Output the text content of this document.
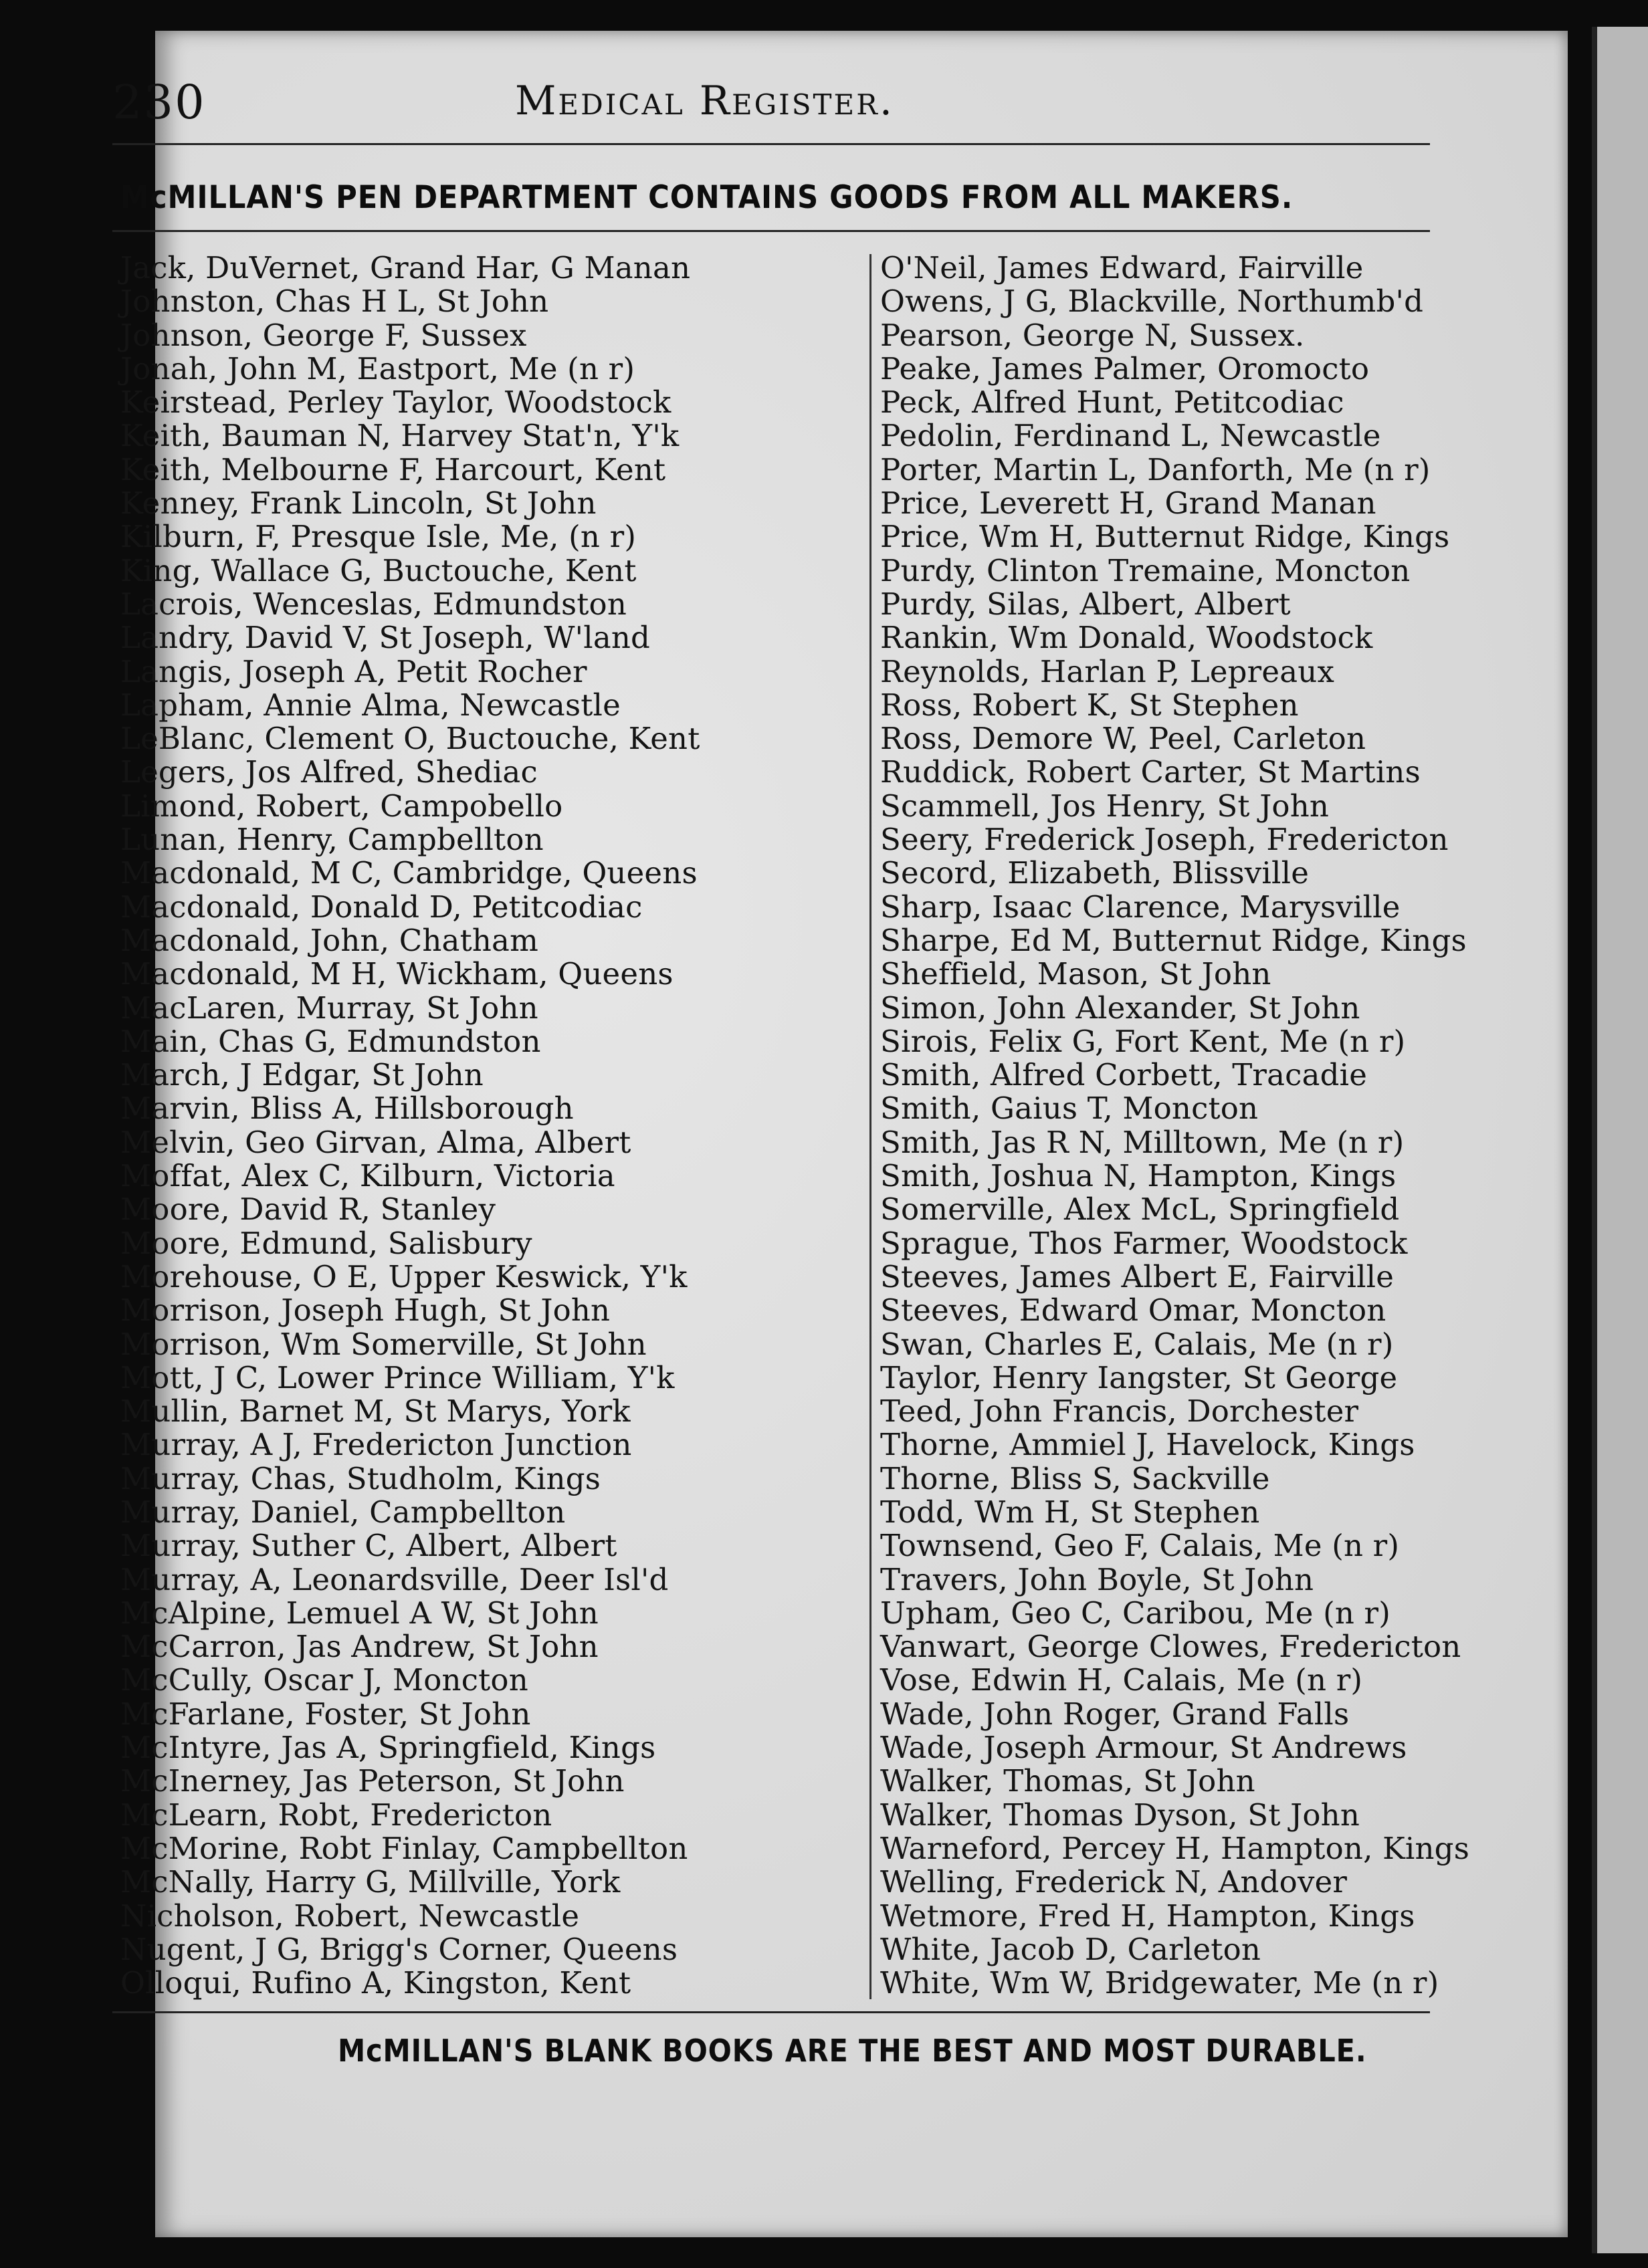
230	Medical Register.
McMILLAN'S PEN DEPARTMENT CONTAINS GOODS FROM ALL MAKERS.
Jack, DuVernet, Grand Har, G Manan
Johnston, Chas H L, St John
Johnson, George F, Sussex
Jonah, John M, Eastport, Me (n r)
Keirstead, Perley Taylor, Woodstock
Keith, Bauman N, Harvey Stat'n, Y'k
Keith, Melbourne F, Harcourt, Kent
Kenney, Frank Lincoln, St John
Kilburn, F, Presque Isle, Me, (n r)
King, Wallace G, Buctouche, Kent
Lacrois, Wenceslas, Edmundston
Landry, David V, St Joseph, W'land
Langis, Joseph A, Petit Rocher
Lapham, Annie Alma, Newcastle
LeBlanc, Clement O, Buctouche, Kent
Legers, Jos Alfred, Shediac
Limond, Robert, Campobello
Lunan, Henry, Campbellton
Macdonald, M C, Cambridge, Queens
Macdonald, Donald D, Petitcodiac
Macdonald, John, Chatham
Macdonald, M H, Wickham, Queens
MacLaren, Murray, St John
Main, Chas G, Edmundston
March, J Edgar, St John
Marvin, Bliss A, Hillsborough
Melvin, Geo Girvan, Alma, Albert
Moffat, Alex C, Kilburn, Victoria
Moore, David R, Stanley
Moore, Edmund, Salisbury
Morehouse, O E, Upper Keswick, Y'k
Morrison, Joseph Hugh, St John
Morrison, Wm Somerville, St John
Mott, J C, Lower Prince William, Y'k
Mullin, Barnet M, St Marys, York
Murray, A J, Fredericton Junction
Murray, Chas, Studholm, Kings
Murray, Daniel, Campbellton
Murray, Suther C, Albert, Albert
Murray, A, Leonardsville, Deer Isl'd
McAlpine, Lemuel A W, St John
McCarron, Jas Andrew, St John
McCully, Oscar J, Moncton
McFarlane, Foster, St John
McIntyre, Jas A, Springfield, Kings
McInerney, Jas Peterson, St John
McLearn, Robt, Fredericton
McMorine, Robt Finlay, Campbellton
McNally, Harry G, Millville, York
Nicholson, Robert, Newcastle
Nugent, J G, Brigg's Corner, Queens
Olloqui, Rufino A, Kingston, Kent
O'Neil, James Edward, Fairville
Owens, J G, Blackville, Northumb'd
Pearson, George N, Sussex.
Peake, James Palmer, Oromocto
Peck, Alfred Hunt, Petitcodiac
Pedolin, Ferdinand L, Newcastle
Porter, Martin L, Danforth, Me (n r)
Price, Leverett H, Grand Manan
Price, Wm H, Butternut Ridge, Kings
Purdy, Clinton Tremaine, Moncton
Purdy, Silas, Albert, Albert
Rankin, Wm Donald, Woodstock
Reynolds, Harlan P, Lepreaux
Ross, Robert K, St Stephen
Ross, Demore W, Peel, Carleton
Ruddick, Robert Carter, St Martins
Scammell, Jos Henry, St John
Seery, Frederick Joseph, Fredericton
Secord, Elizabeth, Blissville
Sharp, Isaac Clarence, Marysville
Sharpe, Ed M, Butternut Ridge, Kings
Sheffield, Mason, St John
Simon, John Alexander, St John
Sirois, Felix G, Fort Kent, Me (n r)
Smith, Alfred Corbett, Tracadie
Smith, Gaius T, Moncton
Smith, Jas R N, Milltown, Me (n r)
Smith, Joshua N, Hampton, Kings
Somerville, Alex McL, Springfield
Sprague, Thos Farmer, Woodstock
Steeves, James Albert E, Fairville
Steeves, Edward Omar, Moncton
Swan, Charles E, Calais, Me (n r)
Taylor, Henry Iangster, St George
Teed, John Francis, Dorchester
Thorne, Ammiel J, Havelock, Kings
Thorne, Bliss S, Sackville
Todd, Wm H, St Stephen
Townsend, Geo F, Calais, Me (n r)
Travers, John Boyle, St John
Upham, Geo C, Caribou, Me (n r)
Vanwart, George Clowes, Fredericton
Vose, Edwin H, Calais, Me (n r)
Wade, John Roger, Grand Falls
Wade, Joseph Armour, St Andrews
Walker, Thomas, St John
Walker, Thomas Dyson, St John
Warneford, Percey H, Hampton, Kings
Welling, Frederick N, Andover
Wetmore, Fred H, Hampton, Kings
White, Jacob D, Carleton
White, Wm W, Bridgewater, Me (n r)
McMILLAN'S BLANK BOOKS ARE THE BEST AND MOST DURABLE.
